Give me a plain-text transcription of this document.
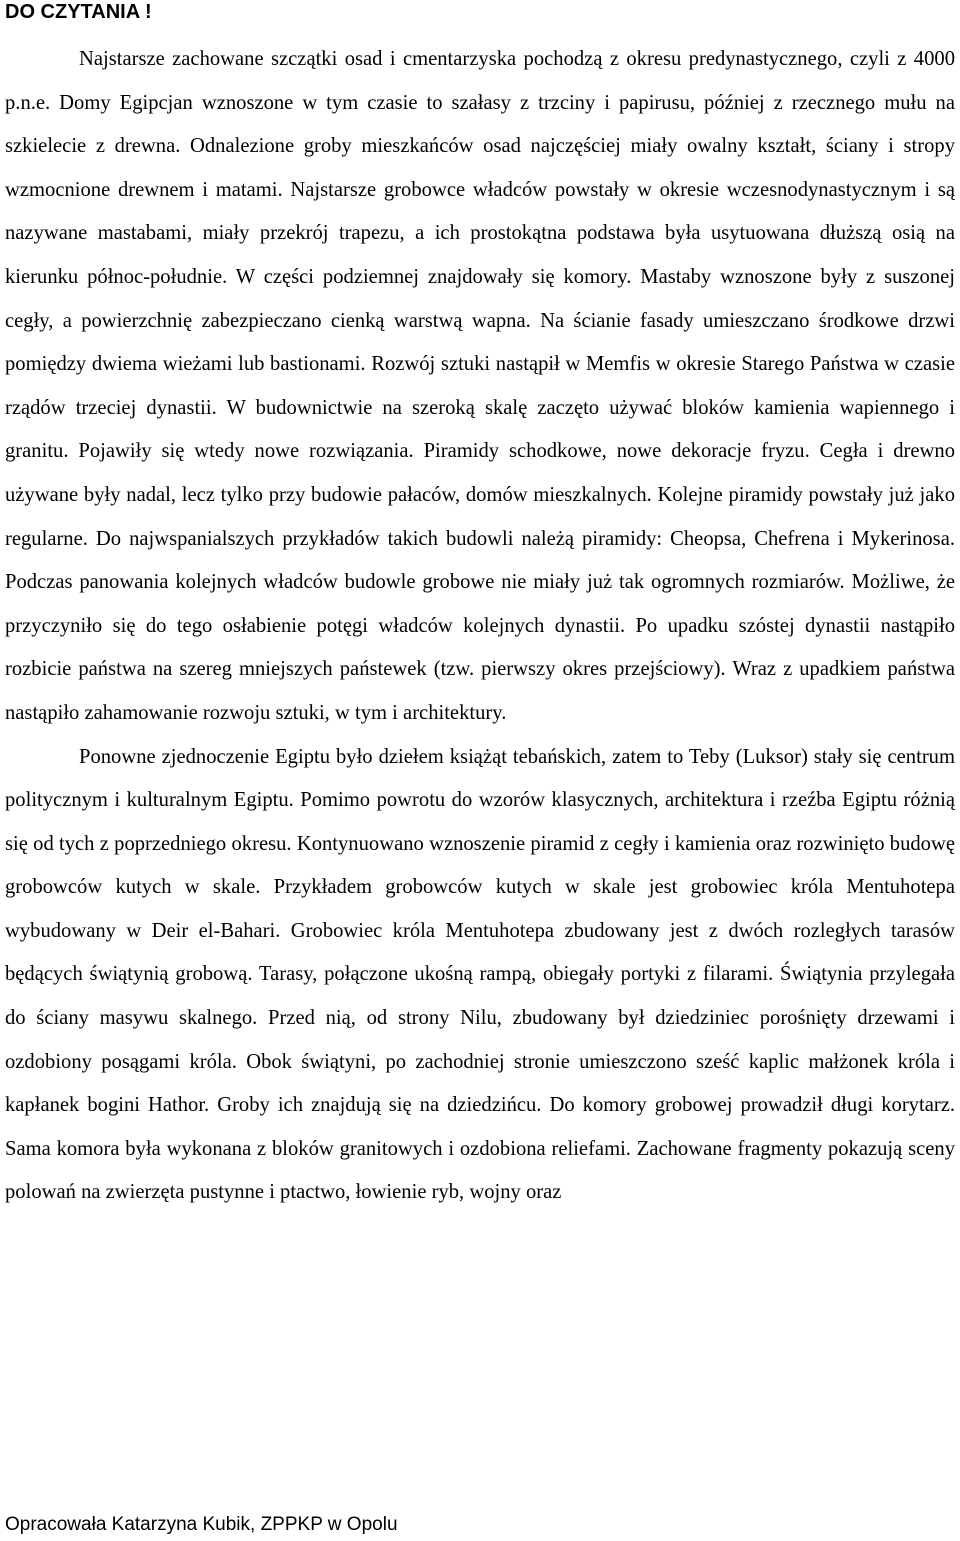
DO CZYTANIA !

Najstarsze zachowane szczątki osad i cmentarzyska pochodzą z okresu predynastycznego, czyli z 4000 p.n.e. Domy Egipcjan wznoszone w tym czasie to szałasy z trzciny i papirusu, później z rzecznego mułu na szkielecie z drewna. Odnalezione groby mieszkańców osad najczęściej miały owalny kształt, ściany i stropy wzmocnione drewnem i matami. Najstarsze grobowce władców powstały w okresie wczesnodynastycznym i są nazywane mastabami, miały przekrój trapezu, a ich prostokątna podstawa była usytuowana dłuższą osią na kierunku północ-południe. W części podziemnej znajdowały się komory. Mastaby wznoszone były z suszonej cegły, a powierzchnię zabezpieczano cienką warstwą wapna. Na ścianie fasady umieszczano środkowe drzwi pomiędzy dwiema wieżami lub bastionami. Rozwój sztuki nastąpił w Memfis w okresie Starego Państwa w czasie rządów trzeciej dynastii. W budownictwie na szeroką skalę zaczęto używać bloków kamienia wapiennego i granitu. Pojawiły się wtedy nowe rozwiązania. Piramidy schodkowe, nowe dekoracje fryzu. Cegła i drewno używane były nadal, lecz tylko przy budowie pałaców, domów mieszkalnych. Kolejne piramidy powstały już jako regularne. Do najwspanialszych przykładów takich budowli należą piramidy: Cheopsa, Chefrena i Mykerinosa. Podczas panowania kolejnych władców budowle grobowe nie miały już tak ogromnych rozmiarów. Możliwe, że przyczyniło się do tego osłabienie potęgi władców kolejnych dynastii. Po upadku szóstej dynastii nastąpiło rozbicie państwa na szereg mniejszych państewek (tzw. pierwszy okres przejściowy). Wraz z upadkiem państwa nastąpiło zahamowanie rozwoju sztuki, w tym i architektury.

Ponowne zjednoczenie Egiptu było dziełem książąt tebańskich, zatem to Teby (Luksor) stały się centrum politycznym i kulturalnym Egiptu. Pomimo powrotu do wzorów klasycznych, architektura i rzeźba Egiptu różnią się od tych z poprzedniego okresu. Kontynuowano wznoszenie piramid z cegły i kamienia oraz rozwinięto budowę grobowców kutych w skale. Przykładem grobowców kutych w skale jest grobowiec króla Mentuhotepa wybudowany w Deir el-Bahari. Grobowiec króla Mentuhotepa zbudowany jest z dwóch rozległych tarasów będących świątynią grobową. Tarasy, połączone ukośną rampą, obiegały portyki z filarami. Świątynia przylegała do ściany masywu skalnego. Przed nią, od strony Nilu, zbudowany był dziedziniec porośnięty drzewami i ozdobiony posągami króla. Obok świątyni, po zachodniej stronie umieszczono sześć kaplic małżonek króla i kapłanek bogini Hathor. Groby ich znajdują się na dziedzińcu. Do komory grobowej prowadził długi korytarz. Sama komora była wykonana z bloków granitowych i ozdobiona reliefami. Zachowane fragmenty pokazują sceny polowań na zwierzęta pustynne i ptactwo, łowienie ryb, wojny oraz

Opracowała Katarzyna Kubik, ZPPKP w Opolu
